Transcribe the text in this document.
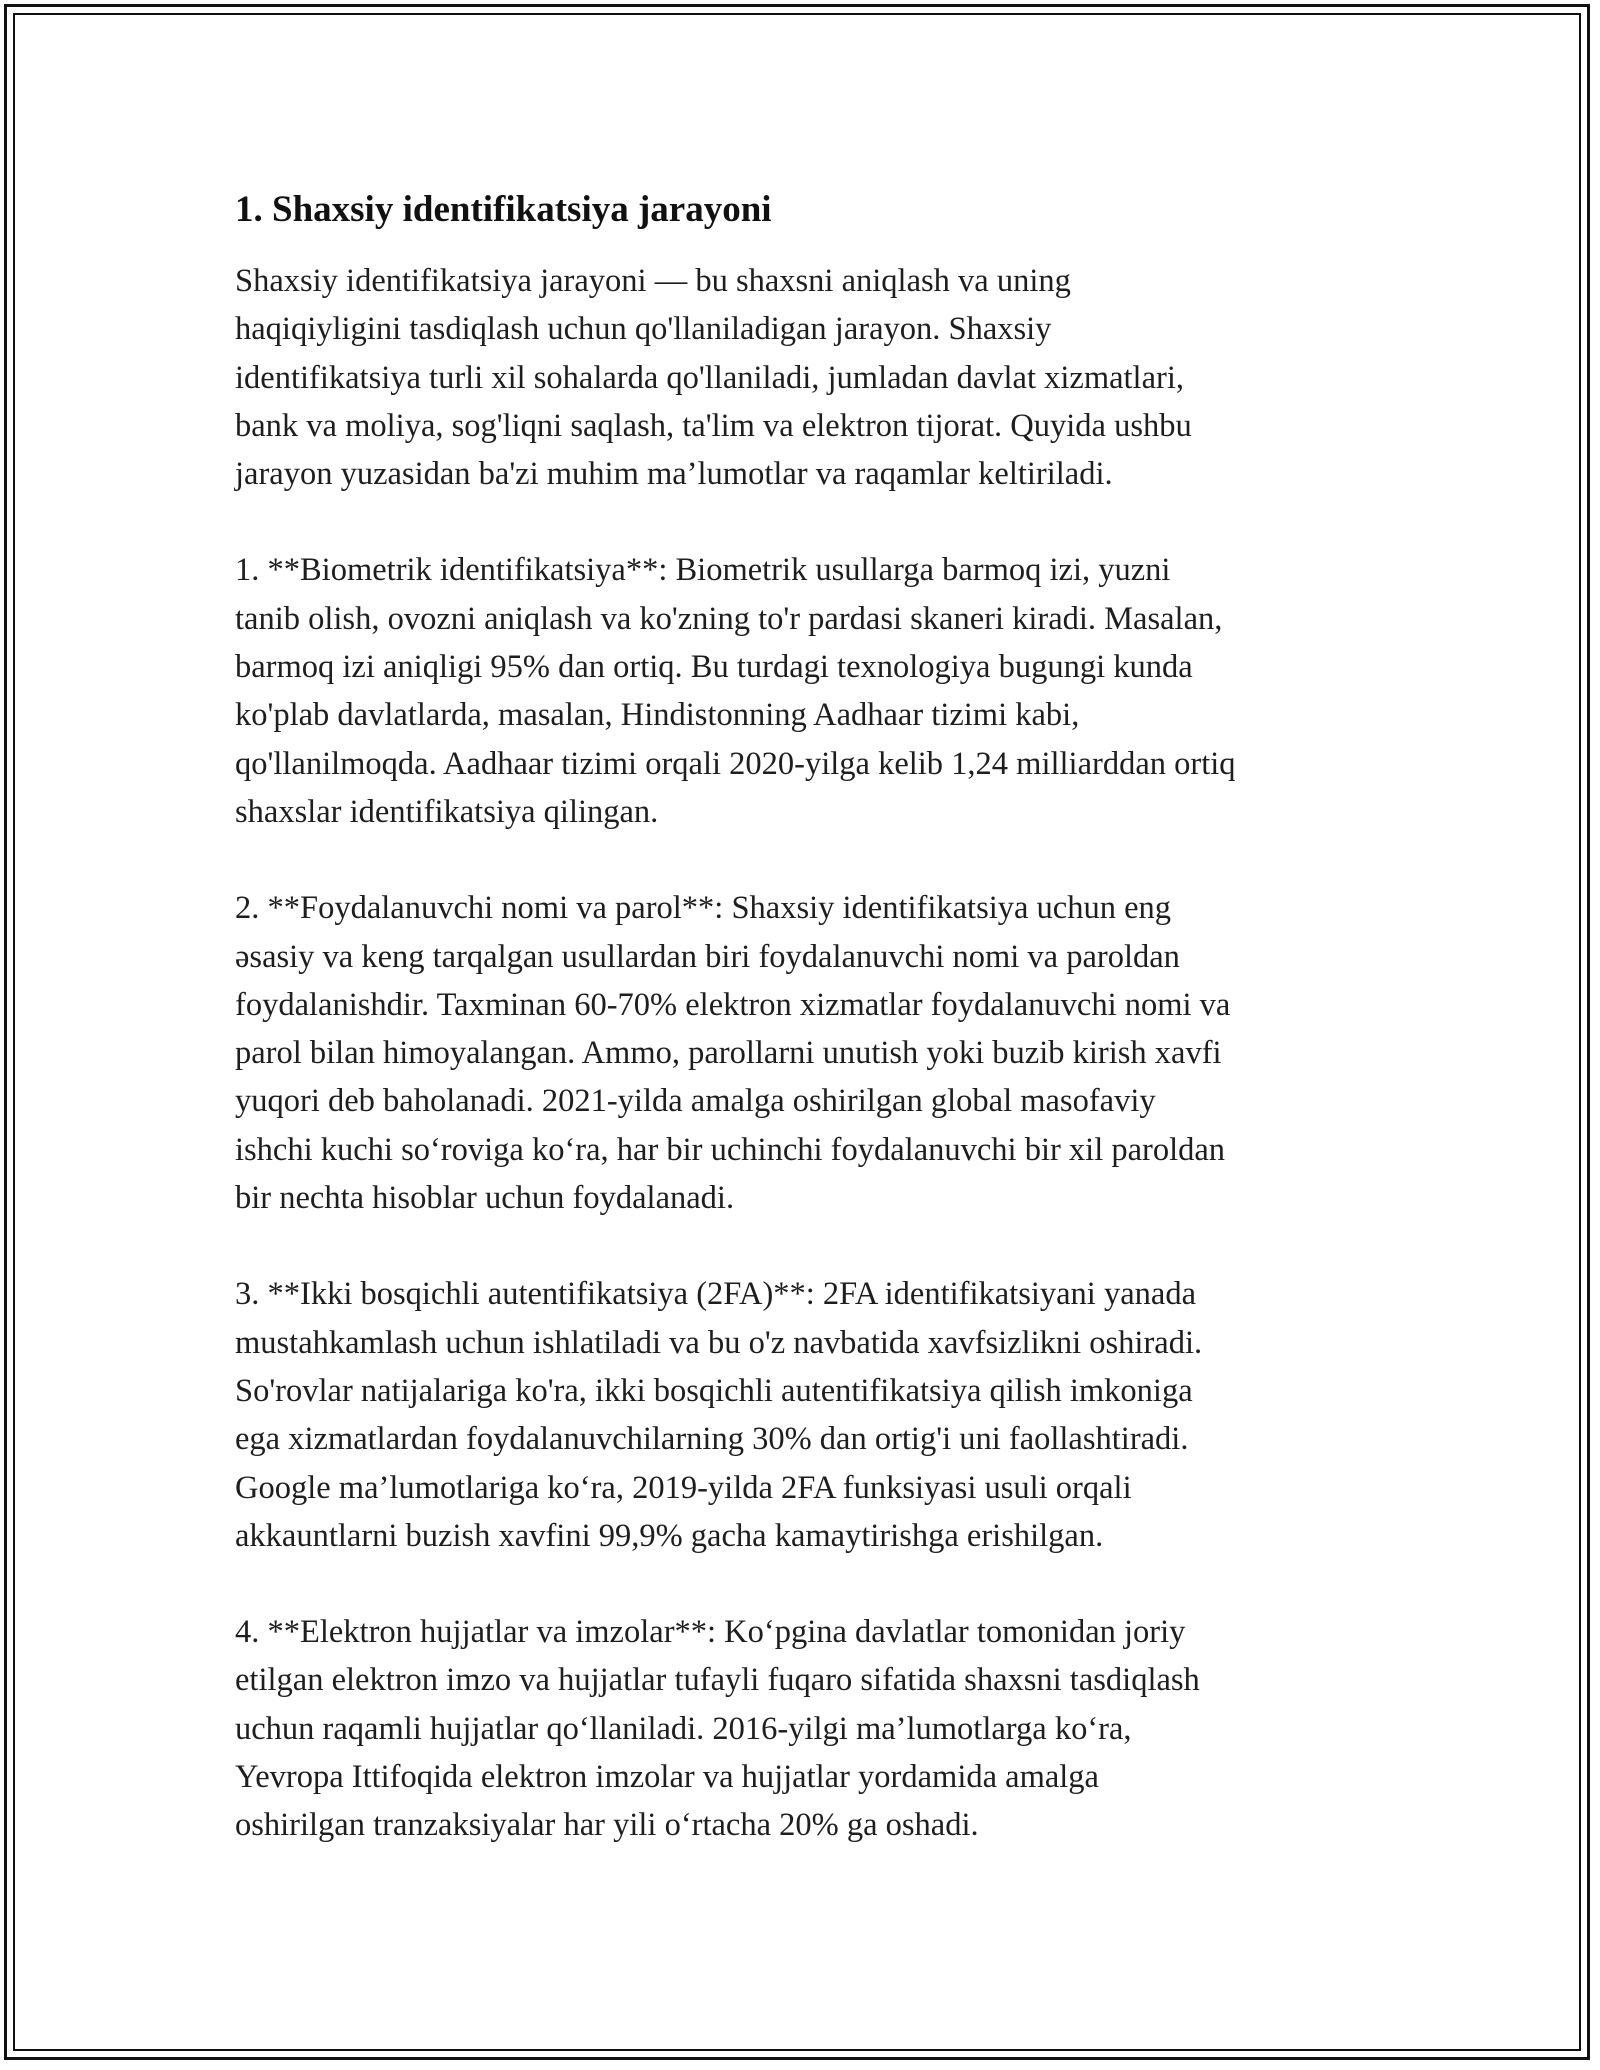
1. Shaxsiy identifikatsiya jarayoni
Shaxsiy identifikatsiya jarayoni — bu shaxsni aniqlash va uning
haqiqiyligini tasdiqlash uchun qo'llaniladigan jarayon. Shaxsiy
identifikatsiya turli xil sohalarda qo'llaniladi, jumladan davlat xizmatlari,
bank va moliya, sog'liqni saqlash, ta'lim va elektron tijorat. Quyida ushbu
jarayon yuzasidan ba'zi muhim ma’lumotlar va raqamlar keltiriladi.
1. **Biometrik identifikatsiya**: Biometrik usullarga barmoq izi, yuzni
tanib olish, ovozni aniqlash va ko'zning to'r pardasi skaneri kiradi. Masalan,
barmoq izi aniqligi 95% dan ortiq. Bu turdagi texnologiya bugungi kunda
ko'plab davlatlarda, masalan, Hindistonning Aadhaar tizimi kabi,
qo'llanilmoqda. Aadhaar tizimi orqali 2020-yilga kelib 1,24 milliarddan ortiq
shaxslar identifikatsiya qilingan.
2. **Foydalanuvchi nomi va parol**: Shaxsiy identifikatsiya uchun eng
əsasiy va keng tarqalgan usullardan biri foydalanuvchi nomi va paroldan
foydalanishdir. Taxminan 60-70% elektron xizmatlar foydalanuvchi nomi va
parol bilan himoyalangan. Ammo, parollarni unutish yoki buzib kirish xavfi
yuqori deb baholanadi. 2021-yilda amalga oshirilgan global masofaviy
ishchi kuchi so‘roviga ko‘ra, har bir uchinchi foydalanuvchi bir xil paroldan
bir nechta hisoblar uchun foydalanadi.
3. **Ikki bosqichli autentifikatsiya (2FA)**: 2FA identifikatsiyani yanada
mustahkamlash uchun ishlatiladi va bu o'z navbatida xavfsizlikni oshiradi.
So'rovlar natijalariga ko'ra, ikki bosqichli autentifikatsiya qilish imkoniga
ega xizmatlardan foydalanuvchilarning 30% dan ortig'i uni faollashtiradi.
Google ma’lumotlariga ko‘ra, 2019-yilda 2FA funksiyasi usuli orqali
akkauntlarni buzish xavfini 99,9% gacha kamaytirishga erishilgan.
4. **Elektron hujjatlar va imzolar**: Ko‘pgina davlatlar tomonidan joriy
etilgan elektron imzo va hujjatlar tufayli fuqaro sifatida shaxsni tasdiqlash
uchun raqamli hujjatlar qo‘llaniladi. 2016-yilgi ma’lumotlarga ko‘ra,
Yevropa Ittifoqida elektron imzolar va hujjatlar yordamida amalga
oshirilgan tranzaksiyalar har yili o‘rtacha 20% ga oshadi.
